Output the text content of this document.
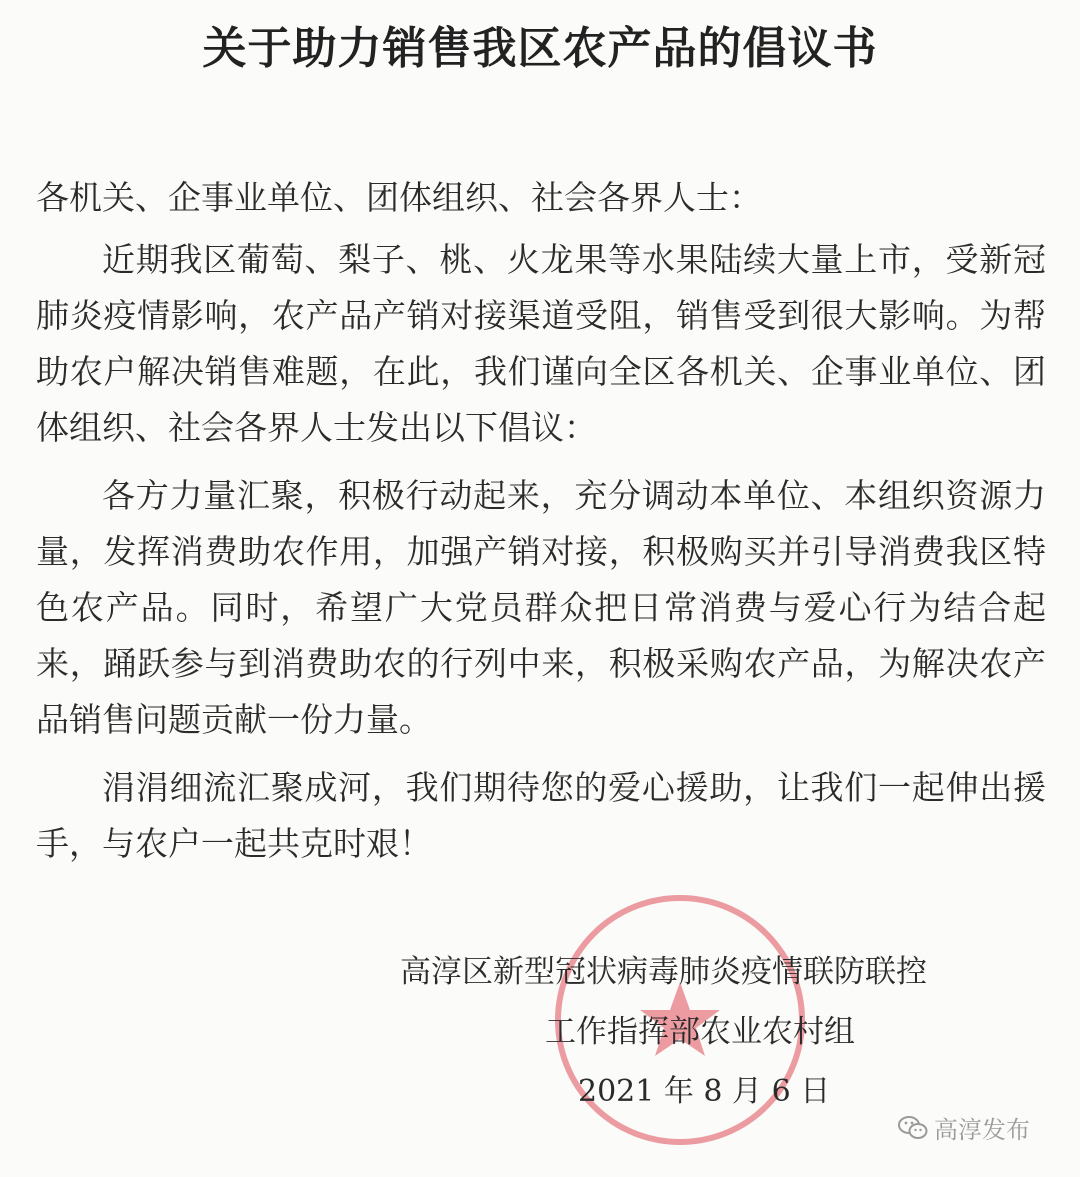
关于助力销售我区农产品的倡议书
各机关、企事业单位、团体组织、社会各界人士：
近期我区葡萄、梨子、桃、火龙果等水果陆续大量上市，受新冠肺炎疫情影响，农产品产销对接渠道受阻，销售受到很大影响。为帮助农户解决销售难题，在此，我们谨向全区各机关、企事业单位、团体组织、社会各界人士发出以下倡议：
各方力量汇聚，积极行动起来，充分调动本单位、本组织资源力量，发挥消费助农作用，加强产销对接，积极购买并引导消费我区特色农产品。同时，希望广大党员群众把日常消费与爱心行为结合起来，踊跃参与到消费助农的行列中来，积极采购农产品，为解决农产品销售问题贡献一份力量。
涓涓细流汇聚成河，我们期待您的爱心援助，让我们一起伸出援手，与农户一起共克时艰！
高淳区新型冠状病毒肺炎疫情联防联控
工作指挥部农业农村组
2021 年 8 月 6 日
高淳发布
